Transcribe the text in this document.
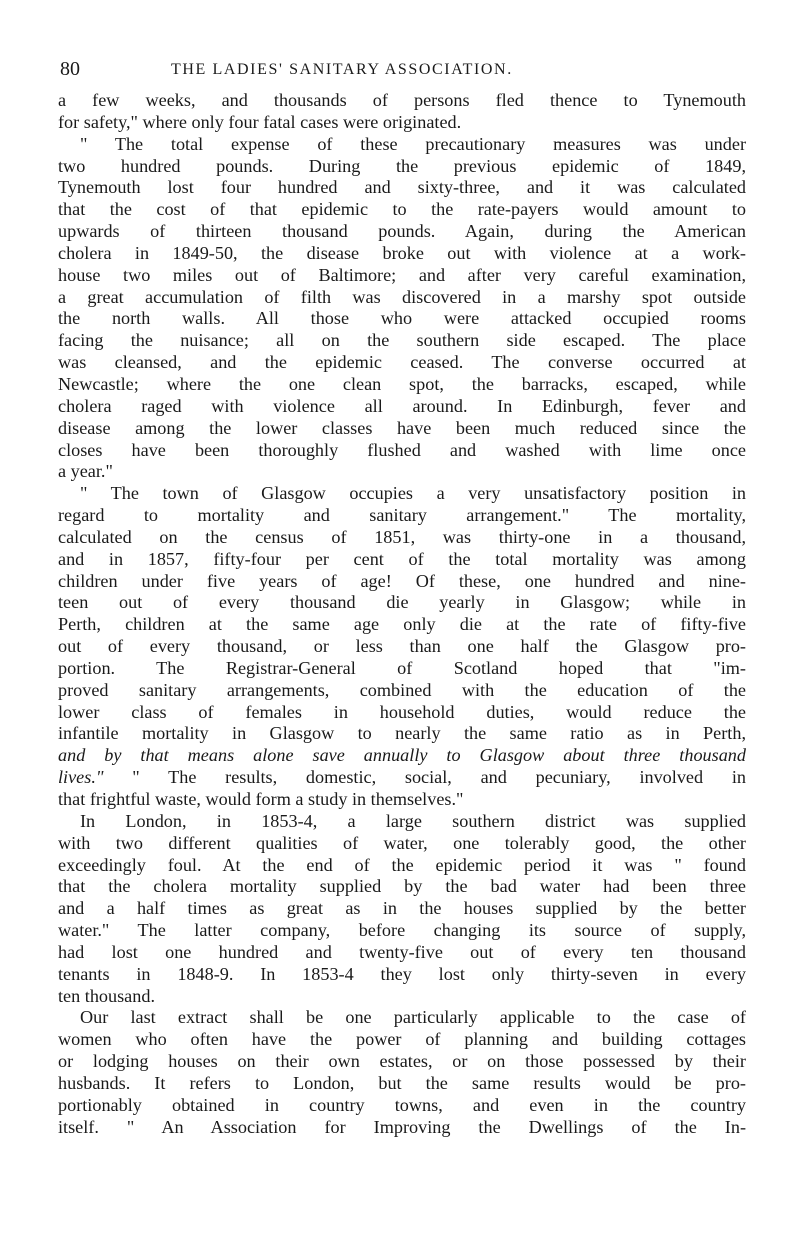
80	THE LADIES' SANITARY ASSOCIATION.
a few weeks, and thousands of persons fled thence to Tynemouth
for safety," where only four fatal cases were originated.
" The total expense of these precautionary measures was under
two hundred pounds. During the previous epidemic of 1849,
Tynemouth lost four hundred and sixty-three, and it was calculated
that the cost of that epidemic to the rate-payers would amount to
upwards of thirteen thousand pounds. Again, during the American
cholera in 1849-50, the disease broke out with violence at a work-
house two miles out of Baltimore; and after very careful examination,
a great accumulation of filth was discovered in a marshy spot outside
the north walls. All those who were attacked occupied rooms
facing the nuisance; all on the southern side escaped. The place
was cleansed, and the epidemic ceased. The converse occurred at
Newcastle; where the one clean spot, the barracks, escaped, while
cholera raged with violence all around. In Edinburgh, fever and
disease among the lower classes have been much reduced since the
closes have been thoroughly flushed and washed with lime once
a year."
" The town of Glasgow occupies a very unsatisfactory position in
regard to mortality and sanitary arrangement." The mortality,
calculated on the census of 1851, was thirty-one in a thousand,
and in 1857, fifty-four per cent of the total mortality was among
children under five years of age! Of these, one hundred and nine-
teen out of every thousand die yearly in Glasgow; while in
Perth, children at the same age only die at the rate of fifty-five
out of every thousand, or less than one half the Glasgow pro-
portion. The Registrar-General of Scotland hoped that "im-
proved sanitary arrangements, combined with the education of the
lower class of females in household duties, would reduce the
infantile mortality in Glasgow to nearly the same ratio as in Perth,
and by that means alone save annually to Glasgow about three thousand
lives." " The results, domestic, social, and pecuniary, involved in
that frightful waste, would form a study in themselves."
In London, in 1853-4, a large southern district was supplied
with two different qualities of water, one tolerably good, the other
exceedingly foul. At the end of the epidemic period it was " found
that the cholera mortality supplied by the bad water had been three
and a half times as great as in the houses supplied by the better
water." The latter company, before changing its source of supply,
had lost one hundred and twenty-five out of every ten thousand
tenants in 1848-9. In 1853-4 they lost only thirty-seven in every
ten thousand.
Our last extract shall be one particularly applicable to the case of
women who often have the power of planning and building cottages
or lodging houses on their own estates, or on those possessed by their
husbands. It refers to London, but the same results would be pro-
portionably obtained in country towns, and even in the country
itself. " An Association for Improving the Dwellings of the In-
